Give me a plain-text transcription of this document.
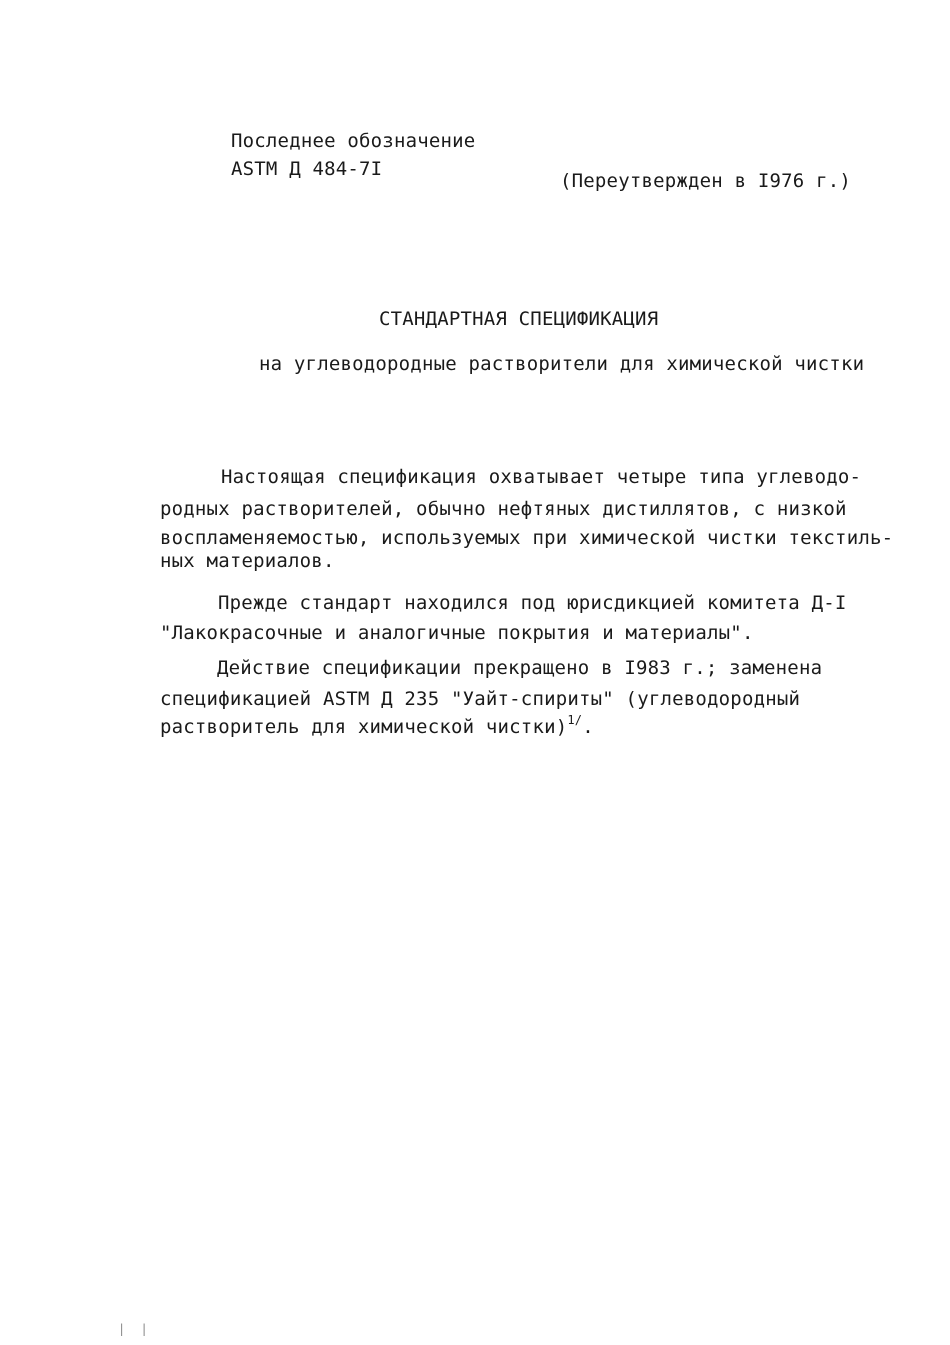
Последнее обозначение
ASTM Д 484-7I
(Переутвержден в I976 г.)
СТАНДАРТНАЯ СПЕЦИФИКАЦИЯ
на углеводородные растворители для химической чистки
Настоящая спецификация охватывает четыре типа углеводо-
родных растворителей, обычно нефтяных дистиллятов, с низкой
воспламеняемостью, используемых при химической чистки текстиль-
ных материалов.
Прежде стандарт находился под юрисдикцией комитета Д-I
"Лакокрасочные и аналогичные покрытия и материалы".
Действие спецификации прекращено в I983 г.; заменена
спецификацией ASTM Д 235 "Уайт-спириты" (углеводородный
растворитель для химической чистки)$^{1/}$.
| |
